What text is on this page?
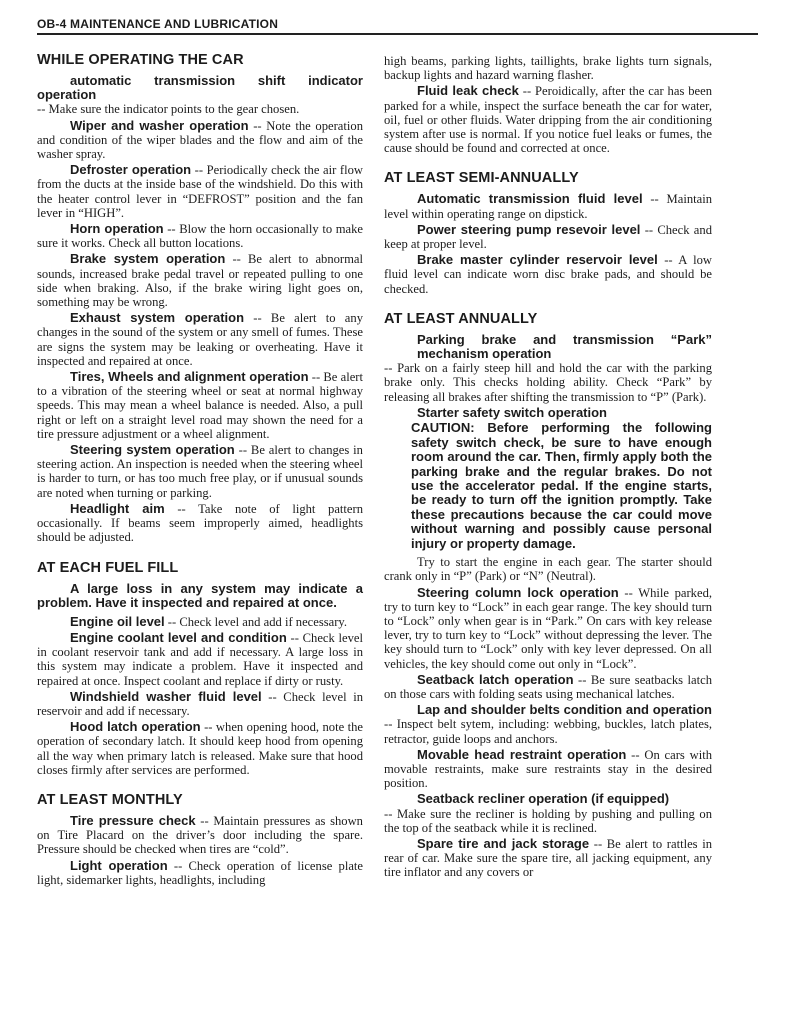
OB-4 MAINTENANCE AND LUBRICATION
WHILE OPERATING THE CAR

automatic transmission shift indicator operation
-- Make sure the indicator points to the gear chosen.

Wiper and washer operation -- Note the operation and condition of the wiper blades and the flow and aim of the washer spray.

Defroster operation -- Periodically check the air flow from the ducts at the inside base of the windshield. Do this with the heater control lever in “DEFROST” position and the fan lever in “HIGH”.

Horn operation -- Blow the horn occasionally to make sure it works. Check all button locations.

Brake system operation -- Be alert to abnormal sounds, increased brake pedal travel or repeated pulling to one side when braking. Also, if the brake wiring light goes on, something may be wrong.

Exhaust system operation -- Be alert to any changes in the sound of the system or any smell of fumes. These are signs the system may be leaking or overheating. Have it inspected and repaired at once.

Tires, Wheels and alignment operation -- Be alert to a vibration of the steering wheel or seat at normal highway speeds. This may mean a wheel balance is needed. Also, a pull right or left on a straight level road may shown the need for a tire pressure adjustment or a wheel alignment.

Steering system operation -- Be alert to changes in steering action. An inspection is needed when the steering wheel is harder to turn, or has too much free play, or if unusual sounds are noted when turning or parking.

Headlight aim -- Take note of light pattern occasionally. If beams seem improperly aimed, headlights should be adjusted.

AT EACH FUEL FILL

A large loss in any system may indicate a problem. Have it inspected and repaired at once.

Engine oil level -- Check level and add if necessary.

Engine coolant level and condition -- Check level in coolant reservoir tank and add if necessary. A large loss in this system may indicate a problem. Have it inspected and repaired at once. Inspect coolant and replace if dirty or rusty.

Windshield washer fluid level -- Check level in reservoir and add if necessary.

Hood latch operation -- when opening hood, note the operation of secondary latch. It should keep hood from opening all the way when primary latch is released. Make sure that hood closes firmly after services are performed.

AT LEAST MONTHLY

Tire pressure check -- Maintain pressures as shown on Tire Placard on the driver’s door including the spare. Pressure should be checked when tires are “cold”.

Light operation -- Check operation of license plate light, sidemarker lights, headlights, including

high beams, parking lights, taillights, brake lights turn signals, backup lights and hazard warning flasher.

Fluid leak check -- Peroidically, after the car has been parked for a while, inspect the surface beneath the car for water, oil, fuel or other fluids. Water dripping from the air conditioning system after use is normal. If you notice fuel leaks or fumes, the cause should be found and corrected at once.

AT LEAST SEMI-ANNUALLY

Automatic transmission fluid level -- Maintain level within operating range on dipstick.

Power steering pump resevoir level -- Check and keep at proper level.

Brake master cylinder reservoir level -- A low fluid level can indicate worn disc brake pads, and should be checked.

AT LEAST ANNUALLY

Parking brake and transmission “Park” mechanism operation
-- Park on a fairly steep hill and hold the car with the parking brake only. This checks holding ability. Check “Park” by releasing all brakes after shifting the transmission to “P” (Park).

Starter safety switch operation

CAUTION: Before performing the following safety switch check, be sure to have enough room around the car. Then, firmly apply both the parking brake and the regular brakes. Do not use the accelerator pedal. If the engine starts, be ready to turn off the ignition promptly. Take these precautions because the car could move without warning and possibly cause personal injury or property damage.

Try to start the engine in each gear. The starter should crank only in “P” (Park) or “N” (Neutral).

Steering column lock operation -- While parked, try to turn key to “Lock” in each gear range. The key should turn to “Lock” only when gear is in “Park.” On cars with key release lever, try to turn key to “Lock” without depressing the lever. The key should turn to “Lock” only with key lever depressed. On all vehicles, the key should come out only in “Lock”.

Seatback latch operation -- Be sure seatbacks latch on those cars with folding seats using mechanical latches.

Lap and shoulder belts condition and operation -- Inspect belt sytem, including: webbing, buckles, latch plates, retractor, guide loops and anchors.

Movable head restraint operation -- On cars with movable restraints, make sure restraints stay in the desired position.

Seatback recliner operation (if equipped)
-- Make sure the recliner is holding by pushing and pulling on the top of the seatback while it is reclined.

Spare tire and jack storage -- Be alert to rattles in rear of car. Make sure the spare tire, all jacking equipment, any tire inflator and any covers or
